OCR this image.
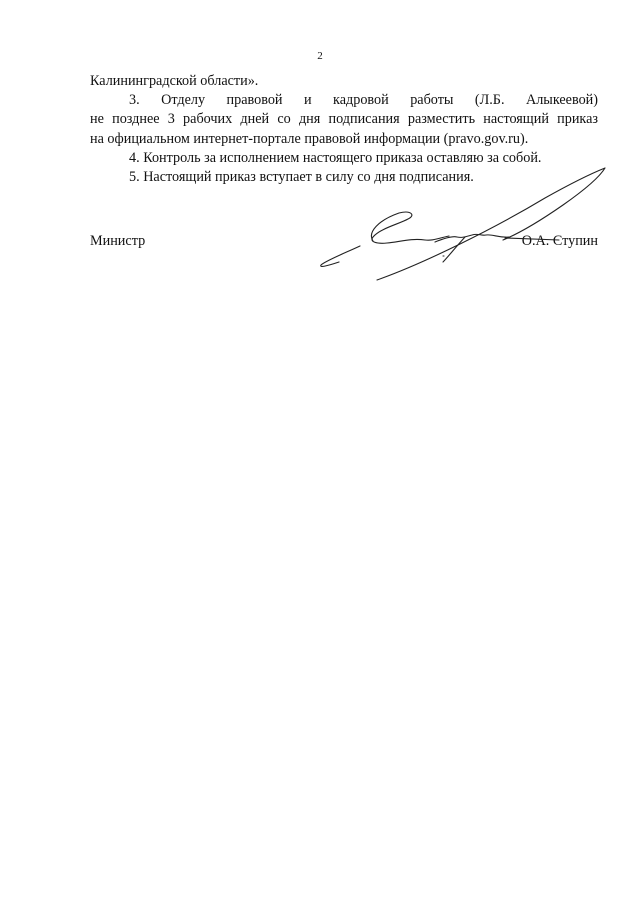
2

Калининградской области».

3. Отделу правовой и кадровой работы (Л.Б. Алыкеевой)

не позднее 3 рабочих дней со дня подписания разместить настоящий приказ

на официальном интернет-портале правовой информации (pravo.gov.ru).

4. Контроль за исполнением настоящего приказа оставляю за собой.

5. Настоящий приказ вступает в силу со дня подписания.

Министр	О.А. Ступин
